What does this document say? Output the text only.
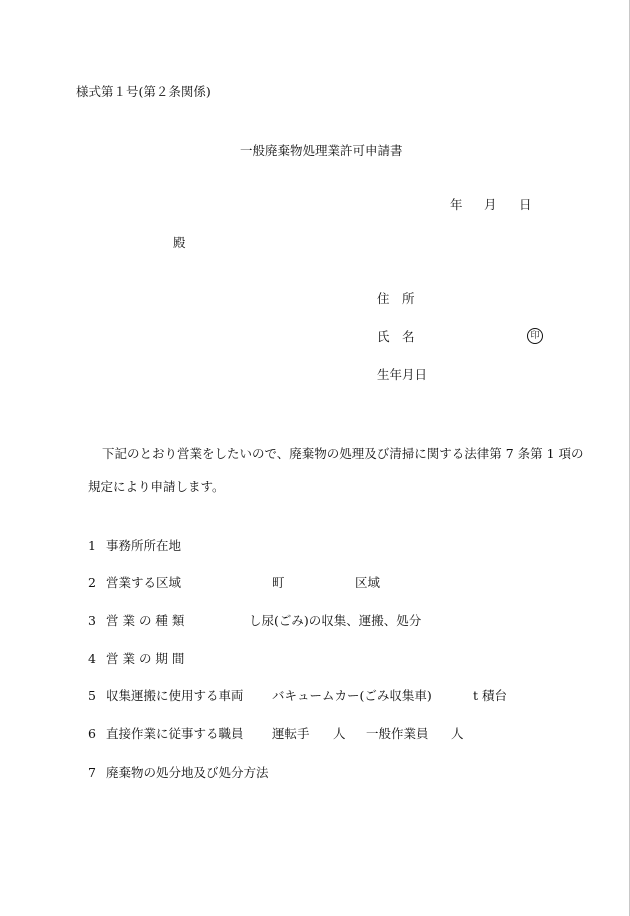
様式第１号(第２条関係)
一般廃棄物処理業許可申請書
年 月 日
殿
住　所
氏　名	印
生年月日
下記のとおり営業をしたいので、廃棄物の処理及び清掃に関する法律第 7 条第 1 項の
規定により申請します。
1 事務所所在地
2 営業する区域	町	区域
3 営 業 の 種 類	し尿(ごみ)の収集、運搬、処分
4 営 業 の 期 間
5 収集運搬に使用する車両 バキュームカー(ごみ収集車)	t 積台
6 直接作業に従事する職員 運転手 人 一般作業員 人
7 廃棄物の処分地及び処分方法
